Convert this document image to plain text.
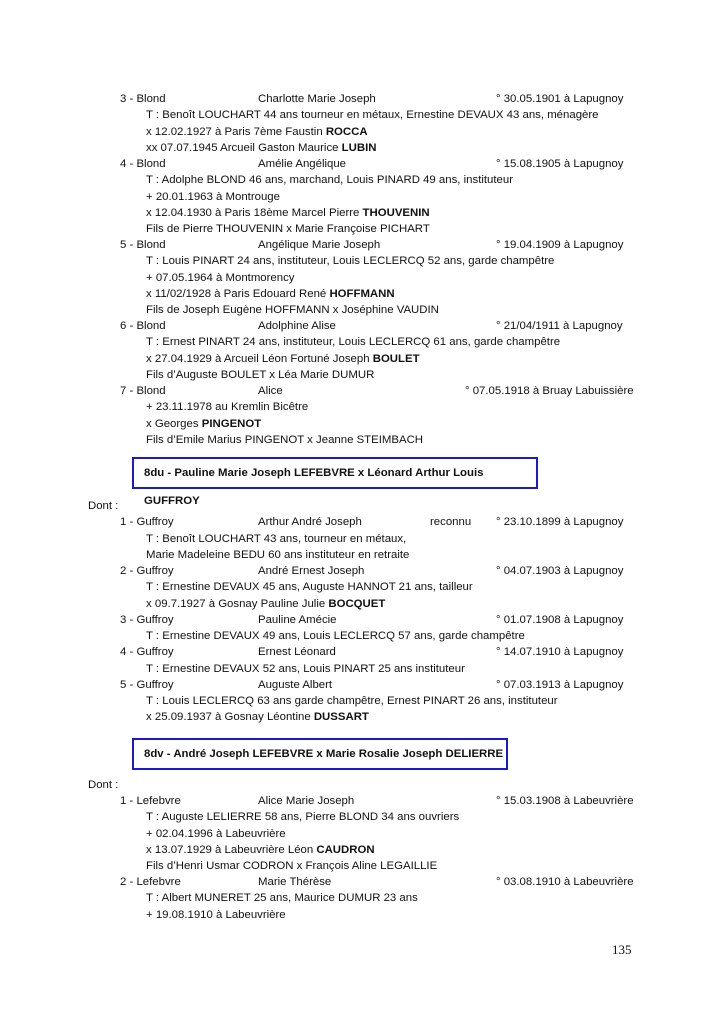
3 - Blond	Charlotte Marie Joseph	° 30.05.1901 à Lapugnoy
T : Benoît LOUCHART 44 ans tourneur en métaux, Ernestine DEVAUX 43 ans, ménagère
x 12.02.1927 à Paris 7ème Faustin ROCCA
xx 07.07.1945 Arcueil Gaston Maurice LUBIN
4 - Blond	Amélie Angélique	° 15.08.1905 à Lapugnoy
T : Adolphe BLOND 46 ans, marchand, Louis PINARD 49 ans, instituteur
+ 20.01.1963 à Montrouge
x 12.04.1930 à Paris 18ème Marcel Pierre THOUVENIN
Fils de Pierre THOUVENIN x Marie Françoise PICHART
5 - Blond	Angélique Marie Joseph	° 19.04.1909 à Lapugnoy
T : Louis PINART 24 ans, instituteur, Louis LECLERCQ 52 ans, garde champêtre
+ 07.05.1964 à Montmorency
x 11/02/1928 à Paris Edouard René HOFFMANN
Fils de Joseph Eugène HOFFMANN x Joséphine VAUDIN
6 - Blond	Adolphine Alise	° 21/04/1911 à Lapugnoy
T : Ernest PINART 24 ans, instituteur, Louis LECLERCQ 61 ans, garde champêtre
x 27.04.1929 à Arcueil Léon Fortuné Joseph BOULET
Fils d’Auguste BOULET x Léa Marie DUMUR
7 - Blond	Alice	° 07.05.1918 à Bruay Labuissière
+ 23.11.1978 au Kremlin Bicêtre
x Georges PINGENOT
Fils d’Emile Marius PINGENOT x Jeanne STEIMBACH
8du - Pauline Marie Joseph LEFEBVRE x Léonard Arthur Louis GUFFROY
Dont :
1 - Guffroy	Arthur André Joseph	reconnu ° 23.10.1899 à Lapugnoy
T : Benoît LOUCHART 43 ans, tourneur en métaux,
Marie Madeleine BEDU 60 ans instituteur en retraite
2 - Guffroy	André Ernest Joseph	° 04.07.1903 à Lapugnoy
T : Ernestine DEVAUX 45 ans, Auguste HANNOT 21 ans, tailleur
x 09.7.1927 à Gosnay Pauline Julie BOCQUET
3 - Guffroy	Pauline Amécie	° 01.07.1908 à Lapugnoy
T : Ernestine DEVAUX 49 ans, Louis LECLERCQ 57 ans, garde champêtre
4 - Guffroy	Ernest Léonard	° 14.07.1910 à Lapugnoy
T : Ernestine DEVAUX 52 ans, Louis PINART 25 ans instituteur
5 - Guffroy	Auguste Albert	° 07.03.1913 à Lapugnoy
T : Louis LECLERCQ 63 ans garde champêtre, Ernest PINART 26 ans, instituteur
x 25.09.1937 à Gosnay Léontine DUSSART
8dv - André Joseph LEFEBVRE x Marie Rosalie Joseph DELIERRE
Dont :
1 - Lefebvre	Alice Marie Joseph	° 15.03.1908 à Labeuvrière
T : Auguste LELIERRE 58 ans, Pierre BLOND 34 ans ouvriers
+ 02.04.1996 à Labeuvrière
x 13.07.1929 à Labeuvrière Léon CAUDRON
Fils d’Henri Usmar CODRON x François Aline LEGAILLIE
2 - Lefebvre	Marie Thérèse	° 03.08.1910 à Labeuvrière
T : Albert MUNERET 25 ans, Maurice DUMUR 23 ans
+ 19.08.1910 à Labeuvrière
135
